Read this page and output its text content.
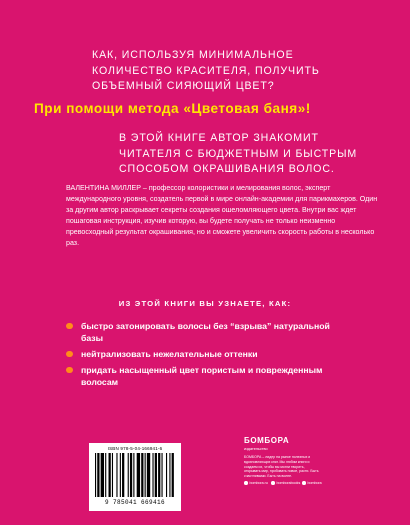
КАК, ИСПОЛЬЗУЯ МИНИМАЛЬНОЕ
КОЛИЧЕСТВО КРАСИТЕЛЯ, ПОЛУЧИТЬ
ОБЪЕМНЫЙ СИЯЮЩИЙ ЦВЕТ?
При помощи метода «Цветовая баня»!
В ЭТОЙ КНИГЕ АВТОР ЗНАКОМИТ
ЧИТАТЕЛЯ С БЮДЖЕТНЫМ И БЫСТРЫМ
СПОСОБОМ ОКРАШИВАНИЯ ВОЛОС.
ВАЛЕНТИНА МИЛЛЕР – профессор колористики и мелирования волос, эксперт международного уровня, создатель первой в мире онлайн-академии для парикмахеров. Один за другим автор раскрывает секреты создания ошеломляющего цвета. Внутри вас ждет пошаговая инструкция, изучив которую, вы будете получать не только неизменно превосходный результат окрашивания, но и сможете увеличить скорость работы в несколько раз.
ИЗ ЭТОЙ КНИГИ ВЫ УЗНАЕТЕ, КАК:
быстро затонировать волосы без “взрыва” натуральной базы
нейтрализовать нежелательные оттенки
придать насыщенный цвет пористым и поврежденным волосам
ISBN 978-5-04-166941-6
9 785041 669416
БОМБОРА
издательство
БОМБОРА – лидер на рынке полезных и вдохновляющих книг. Мы любим книги и создаем их, чтобы вы могли творить, открывать мир, пробовать новое, расти. Быть счастливыми. Быть на волне.
bombora.ru	bomborabooks	bombora
